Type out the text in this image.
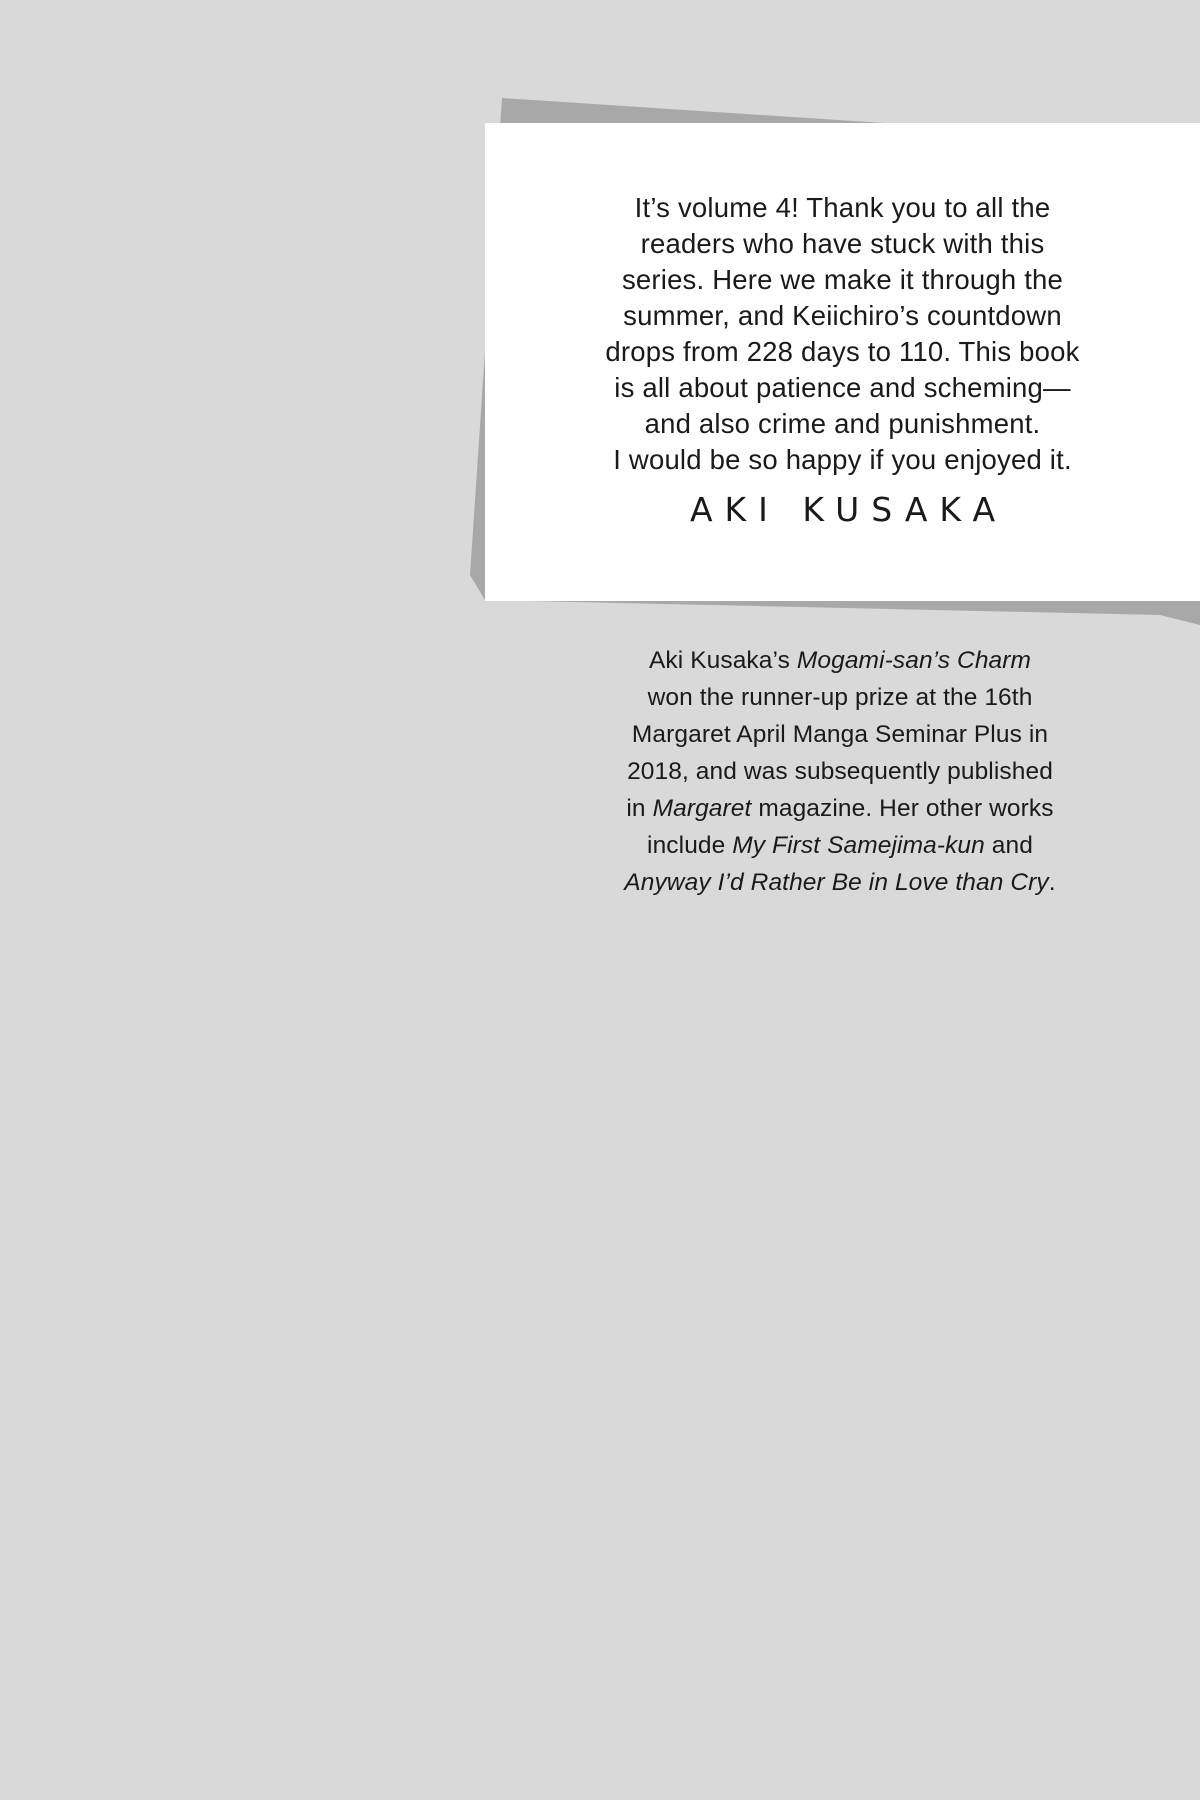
It’s volume 4! Thank you to all the
readers who have stuck with this
series. Here we make it through the
summer, and Keiichiro’s countdown
drops from 228 days to 110. This book
is all about patience and scheming—
and also crime and punishment.
I would be so happy if you enjoyed it.
AKI KUSAKA
Aki Kusaka’s Mogami-san’s Charm
won the runner-up prize at the 16th
Margaret April Manga Seminar Plus in
2018, and was subsequently published
in Margaret magazine. Her other works
include My First Samejima-kun and
Anyway I’d Rather Be in Love than Cry.
